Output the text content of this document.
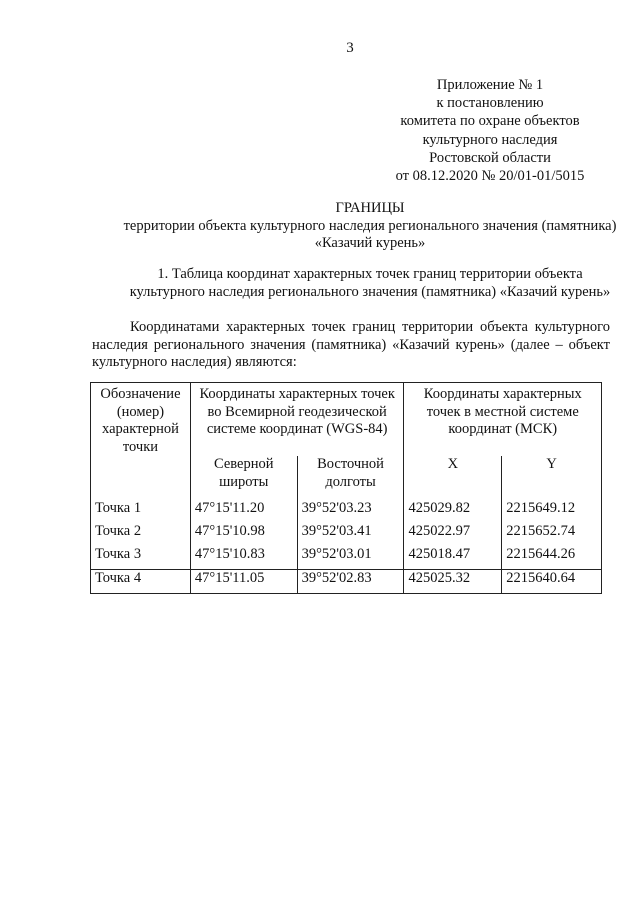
3
Приложение № 1
к постановлению
комитета по охране объектов
культурного наследия
Ростовской области
от 08.12.2020 № 20/01-01/5015
ГРАНИЦЫ
территории объекта культурного наследия регионального значения (памятника)
«Казачий курень»
1. Таблица координат характерных точек границ территории объекта
культурного наследия регионального значения (памятника) «Казачий курень»
Координатами характерных точек границ территории объекта культурного наследия регионального значения (памятника) «Казачий курень» (далее – объект культурного наследия) являются:
Обозначение (номер) характерной точки	Координаты характерных точек во Всемирной геодезической системе координат (WGS-84)		Координаты характерных точек в местной системе координат (МСК)	
	Северной широты	Восточной долготы	X	Y
Точка 1	47°15'11.20	39°52'03.23	425029.82	2215649.12
Точка 2	47°15'10.98	39°52'03.41	425022.97	2215652.74
Точка 3	47°15'10.83	39°52'03.01	425018.47	2215644.26
Точка 4	47°15'11.05	39°52'02.83	425025.32	2215640.64
